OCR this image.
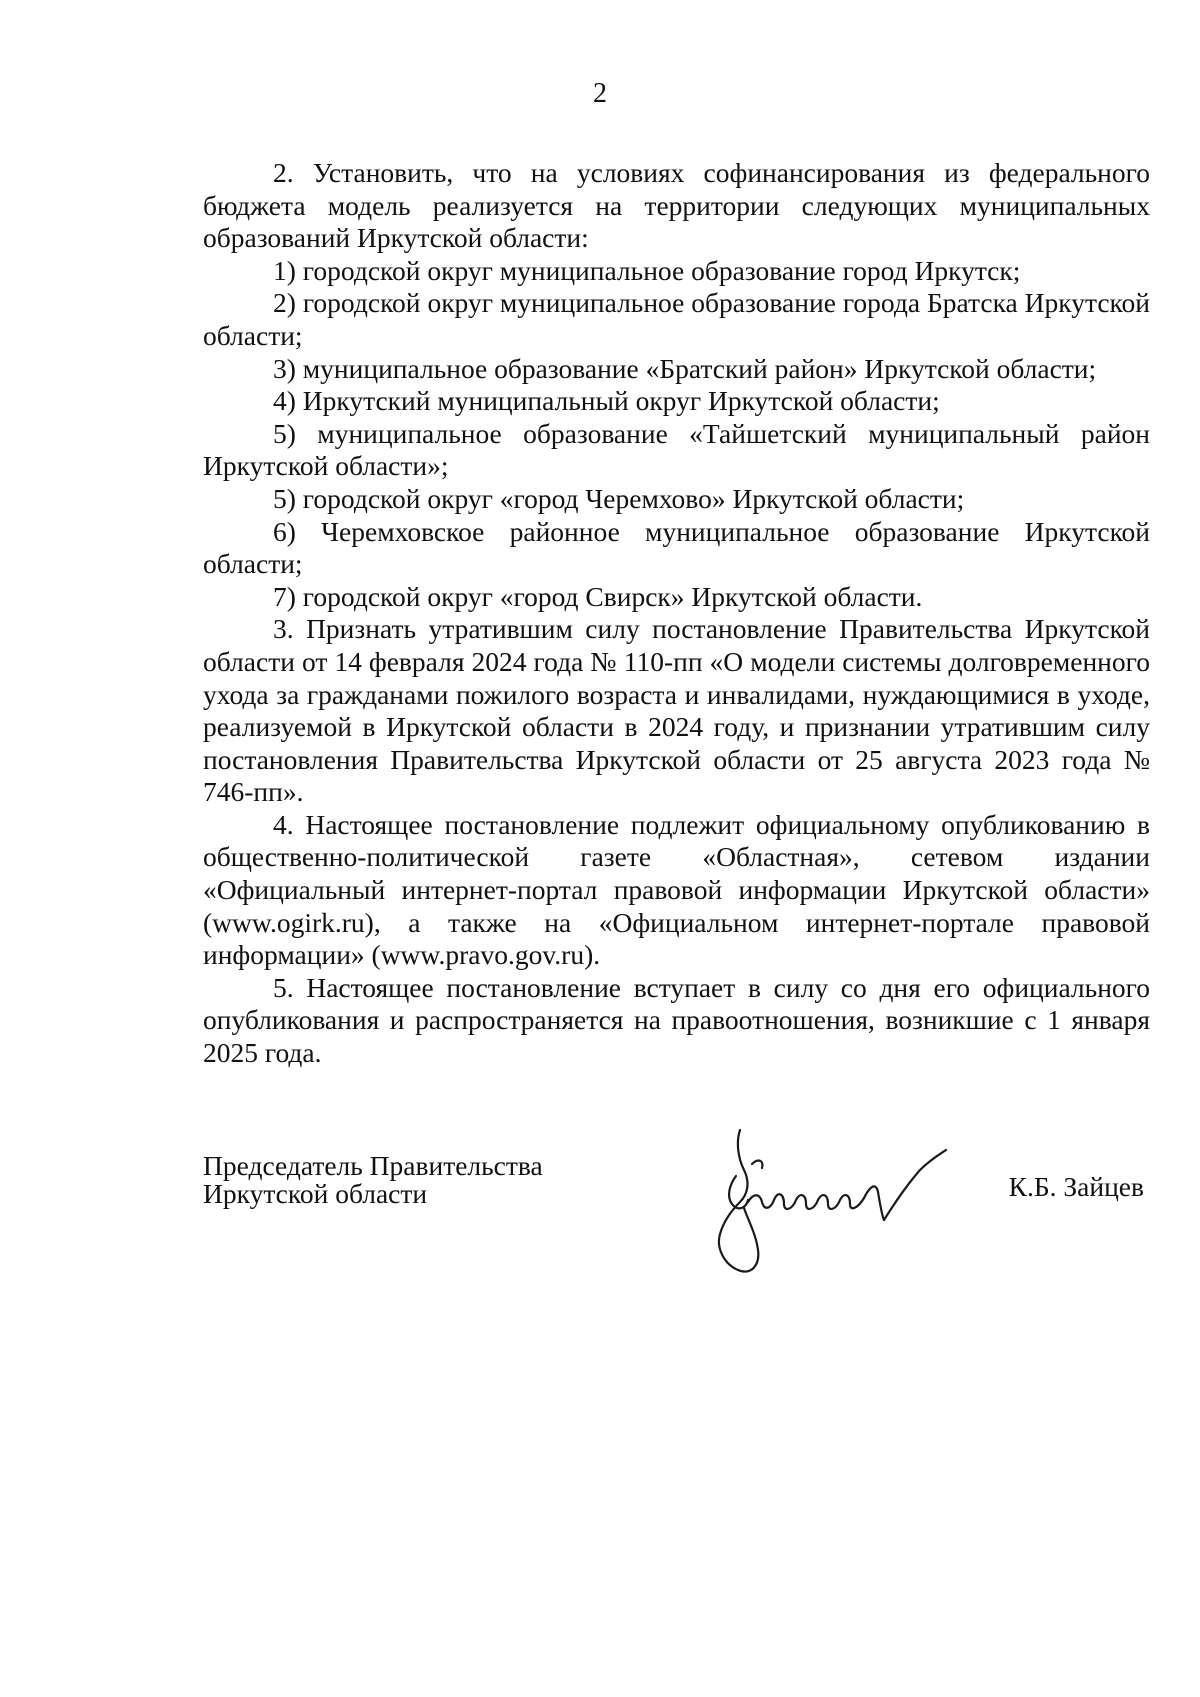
2

2. Установить, что на условиях софинансирования из федерального бюджета модель реализуется на территории следующих муниципальных образований Иркутской области:

1) городской округ муниципальное образование город Иркутск;

2) городской округ муниципальное образование города Братска Иркутской области;

3) муниципальное образование «Братский район» Иркутской области;

4) Иркутский муниципальный округ Иркутской области;

5) муниципальное образование «Тайшетский муниципальный район Иркутской области»;

5) городской округ «город Черемхово» Иркутской области;

6) Черемховское районное муниципальное образование Иркутской области;

7) городской округ «город Свирск» Иркутской области.

3. Признать утратившим силу постановление Правительства Иркутской области от 14 февраля 2024 года № 110-пп «О модели системы долговременного ухода за гражданами пожилого возраста и инвалидами, нуждающимися в уходе, реализуемой в Иркутской области в 2024 году, и признании утратившим силу постановления Правительства Иркутской области от 25 августа 2023 года № 746-пп».

4. Настоящее постановление подлежит официальному опубликованию в общественно-политической газете «Областная», сетевом издании «Официальный интернет-портал правовой информации Иркутской области» (www.ogirk.ru), а также на «Официальном интернет-портале правовой информации» (www.pravo.gov.ru).

5. Настоящее постановление вступает в силу со дня его официального опубликования и распространяется на правоотношения, возникшие с 1 января 2025 года.

Председатель Правительства
Иркутской области	К.Б. Зайцев
